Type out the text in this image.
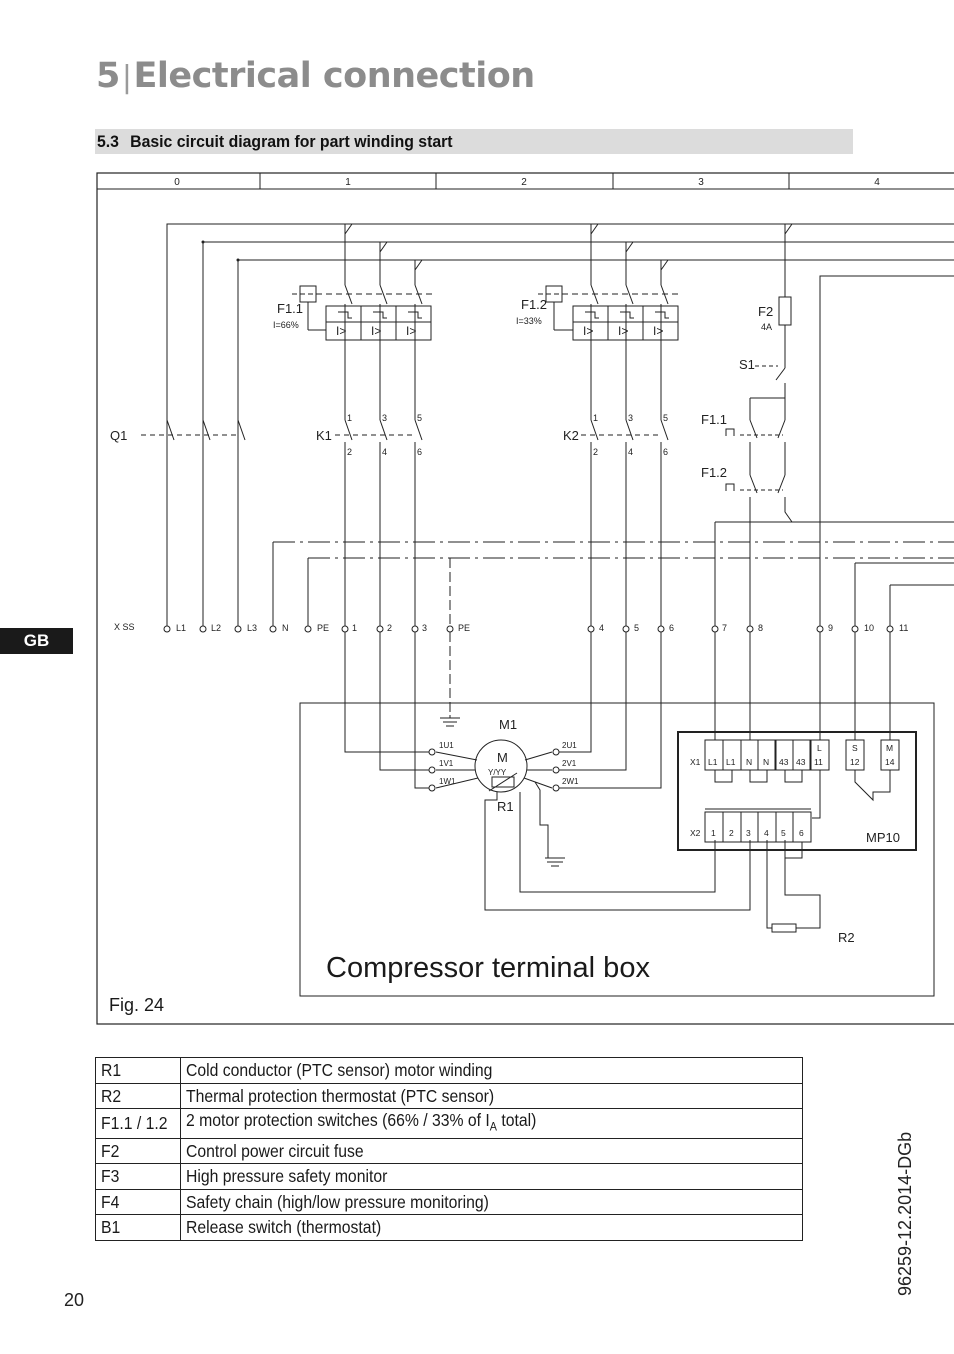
5|Electrical connection
5.3 Basic circuit diagram for part winding start
GB
0	1	2	3	4
F1.1	F1.2	F2
S1
Q1	K1	K2
F1.1
F1.2
M1
M
R1
MP10
R2
I=66%	I=33%
4A
Y/YY
I> I> I>	I> I> I>
1	3	5
2	4	6
1	3	5
2	4	6
X SS	L1	L2	L3	N	PE	1	2	3	PE	4	5	6	7	8	9	10	11
1U1
1V1
1W1
2U1
2V1
2W1
X1 L1 L1 N N 43 43 11	12	14
L	S	M
X2 1 2 3 4 5 6
Compressor terminal box
Fig. 24
R1	Cold conductor (PTC sensor) motor winding
R2	Thermal protection thermostat (PTC sensor)
F1.1 / 1.2	2 motor protection switches (66% / 33% of $I_A$ total)
F2	Control power circuit fuse
F3	High pressure safety monitor
F4	Safety chain (high/low pressure monitoring)
B1	Release switch (thermostat)	96259-12.2014-DGb
20
